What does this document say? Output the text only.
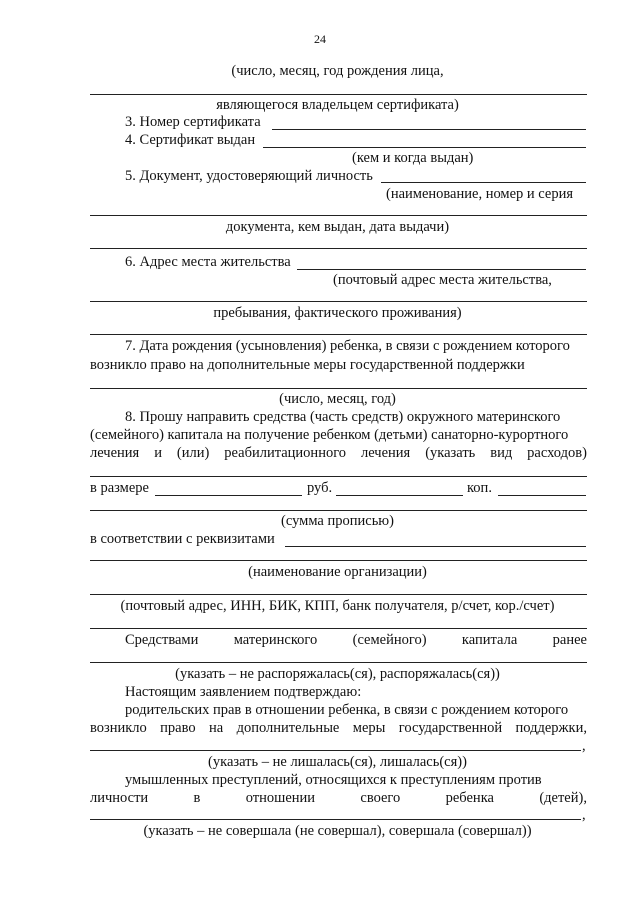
24
(число, месяц, год рождения лица,
являющегося владельцем сертификата)
3. Номер сертификата
4. Сертификат выдан
(кем и когда выдан)
5. Документ, удостоверяющий личность
(наименование, номер и серия
документа, кем выдан, дата выдачи)
6. Адрес места жительства
(почтовый адрес места жительства,
пребывания, фактического проживания)
7. Дата рождения (усыновления) ребенка, в связи с рождением которого
возникло право на дополнительные меры государственной поддержки
(число, месяц, год)
8. Прошу направить средства (часть средств) окружного материнского
(семейного) капитала на получение ребенком (детьми) санаторно-курортного
лечения и (или) реабилитационного лечения (указать вид расходов)
в размере	руб.	коп.
(сумма прописью)
в соответствии с реквизитами
(наименование организации)
(почтовый адрес, ИНН, БИК, КПП, банк получателя, р/счет, кор./счет)
Средствами материнского (семейного) капитала ранее
(указать – не распоряжалась(ся), распоряжалась(ся))
Настоящим заявлением подтверждаю:
родительских прав в отношении ребенка, в связи с рождением которого
возникло право на дополнительные меры государственной поддержки,
,
(указать – не лишалась(ся), лишалась(ся))
умышленных преступлений, относящихся к преступлениям против
личности	в	отношении	своего	ребенка	(детей),
,
(указать – не совершала (не совершал), совершала (совершал))
